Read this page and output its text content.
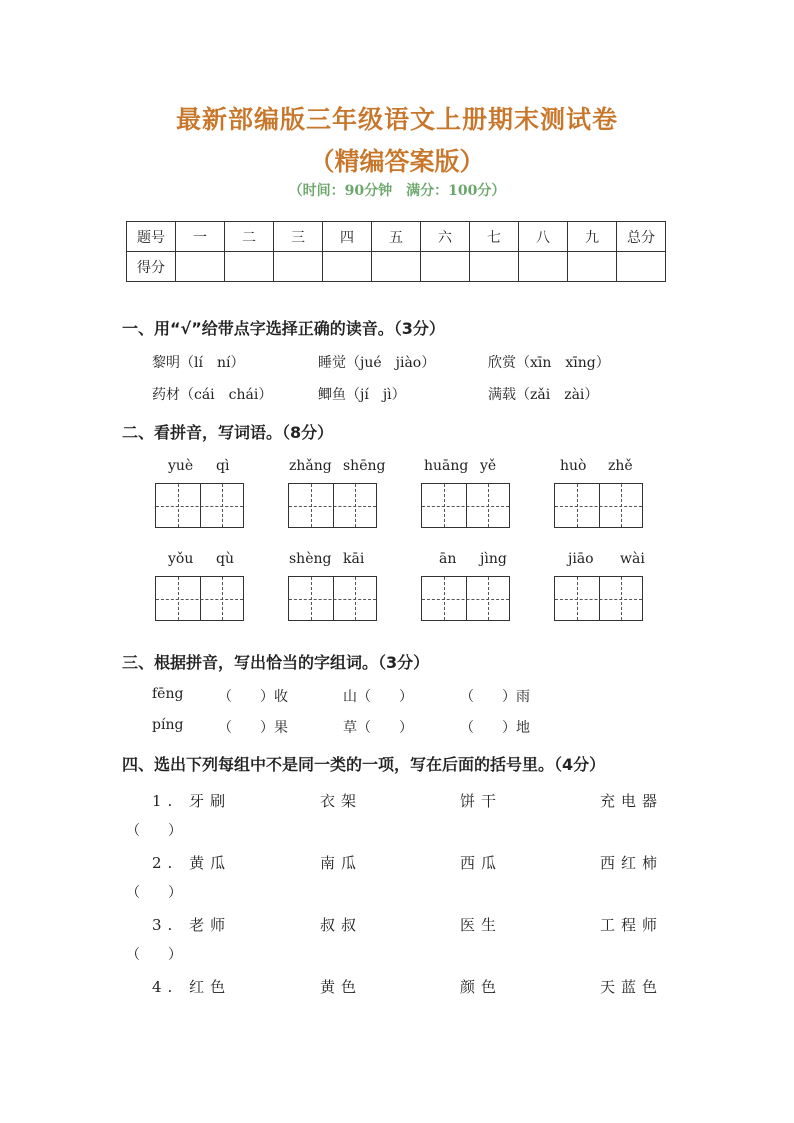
最新部编版三年级语文上册期末测试卷
（精编答案版）
（时间：90分钟　满分：100分）
题号	一	二	三	四	五	六	七	八	九	总分
得分										
一、用“√”给带点字选择正确的读音。（3分）
黎明（lí　ní）	睡觉（jué　jiào）	欣赏（xīn　xīng）
药材（cái　chái）	鲫鱼（jí　jì）	满载（zǎi　zài）
二、看拼音，写词语。（8分）
yuè qì	zhǎng shēng	huāng yě	huò zhě
yǒu qù	shèng kāi	ān jìng	jiāo wài
三、根据拼音，写出恰当的字组词。（3分）
fēng （　　）收	山（　　）	（　　）雨
píng （　　）果	草（　　）	（　　）地
四、选出下列每组中不是同一类的一项，写在后面的括号里。（4分）
1. 牙刷	衣架	饼干	充电器
（　　）
2. 黄瓜	南瓜	西瓜	西红柿
（　　）
3. 老师	叔叔	医生	工程师
（　　）
4. 红色	黄色	颜色	天蓝色
